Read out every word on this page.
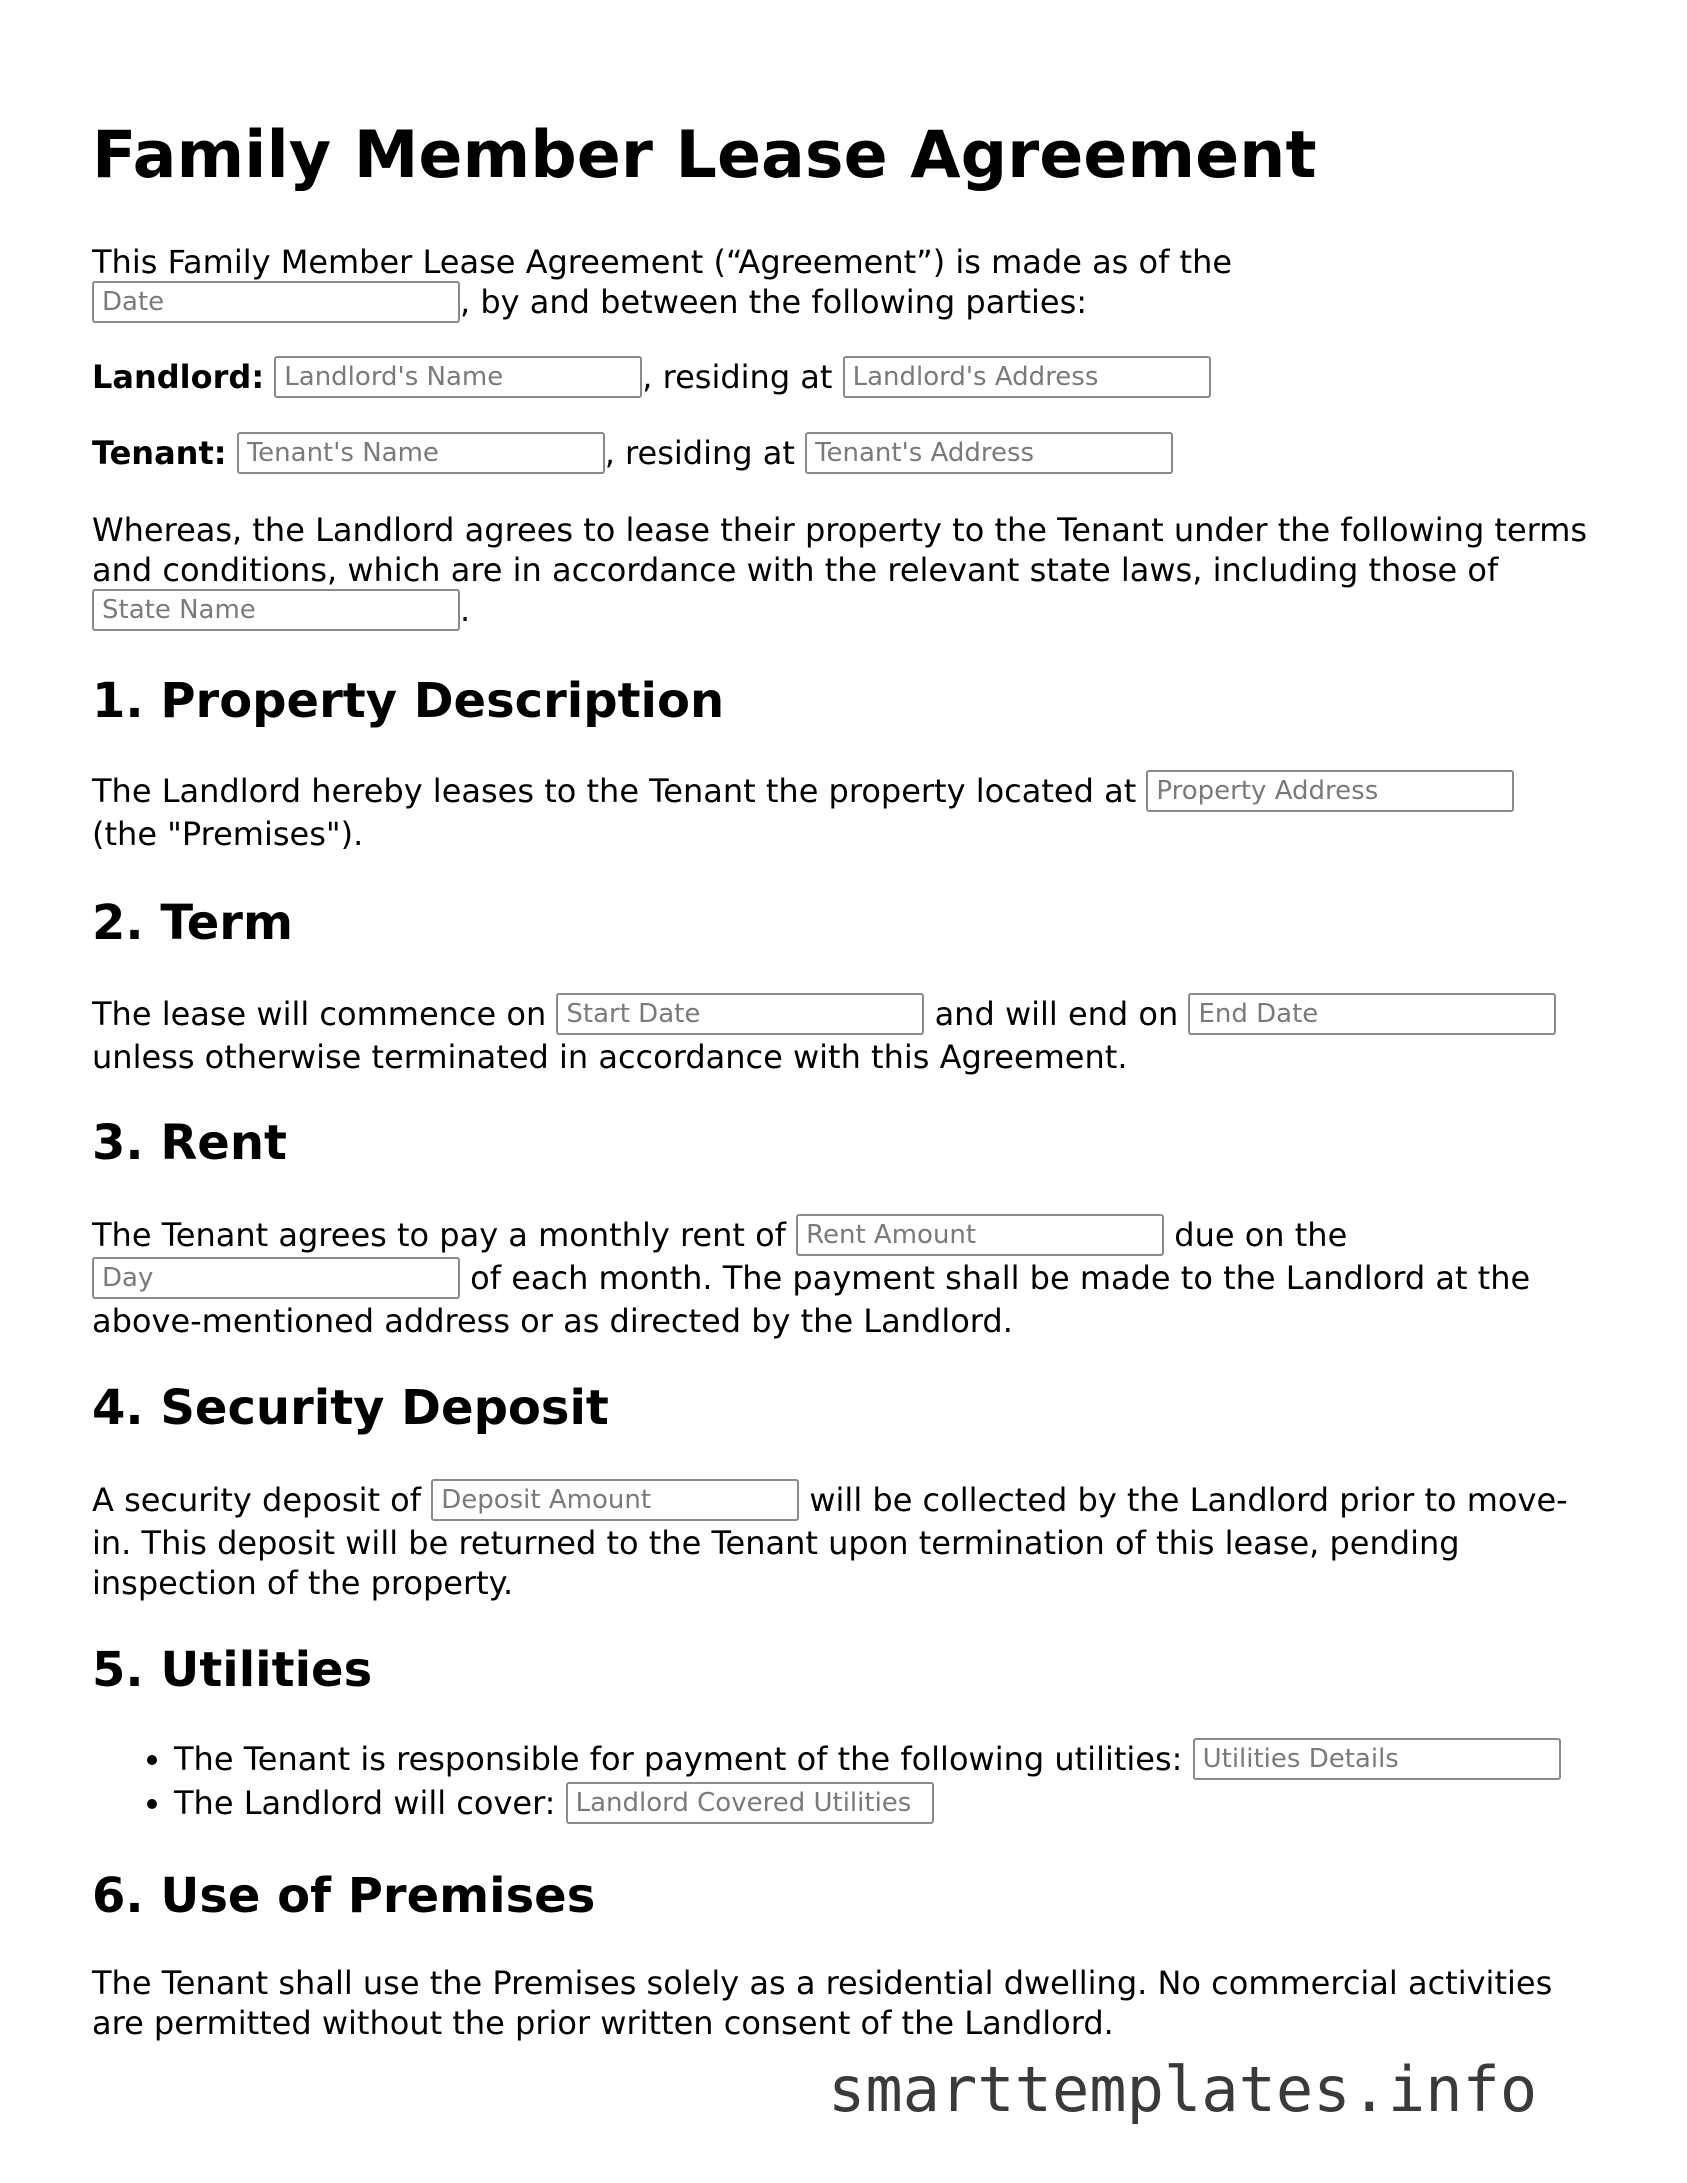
Family Member Lease Agreement

This Family Member Lease Agreement (“Agreement”) is made as of the
Date, by and between the following parties:

Landlord: Landlord's Name	, residing at Landlord's Address

Tenant: Tenant's Name	, residing at Tenant's Address

Whereas, the Landlord agrees to lease their property to the Tenant under the following terms and conditions, which are in accordance with the relevant state laws, including those of State Name.

1. Property Description

The Landlord hereby leases to the Tenant the property located at Property Address
(the "Premises").

2. Term

The lease will commence on Start Date	and will end on End Date
unless otherwise terminated in accordance with this Agreement.

3. Rent

The Tenant agrees to pay a monthly rent of Rent Amount	due on the
Day of each month. The payment shall be made to the Landlord at the above-mentioned address or as directed by the Landlord.

4. Security Deposit

A security deposit of Deposit Amount	will be collected by the Landlord prior to move-in. This deposit will be returned to the Tenant upon termination of this lease, pending inspection of the property.

5. Utilities
• The Tenant is responsible for payment of the following utilities: Utilities Details
• The Landlord will cover: Landlord Covered Utilities
6. Use of Premises

The Tenant shall use the Premises solely as a residential dwelling. No commercial activities are permitted without the prior written consent of the Landlord.

smarttemplates.info
